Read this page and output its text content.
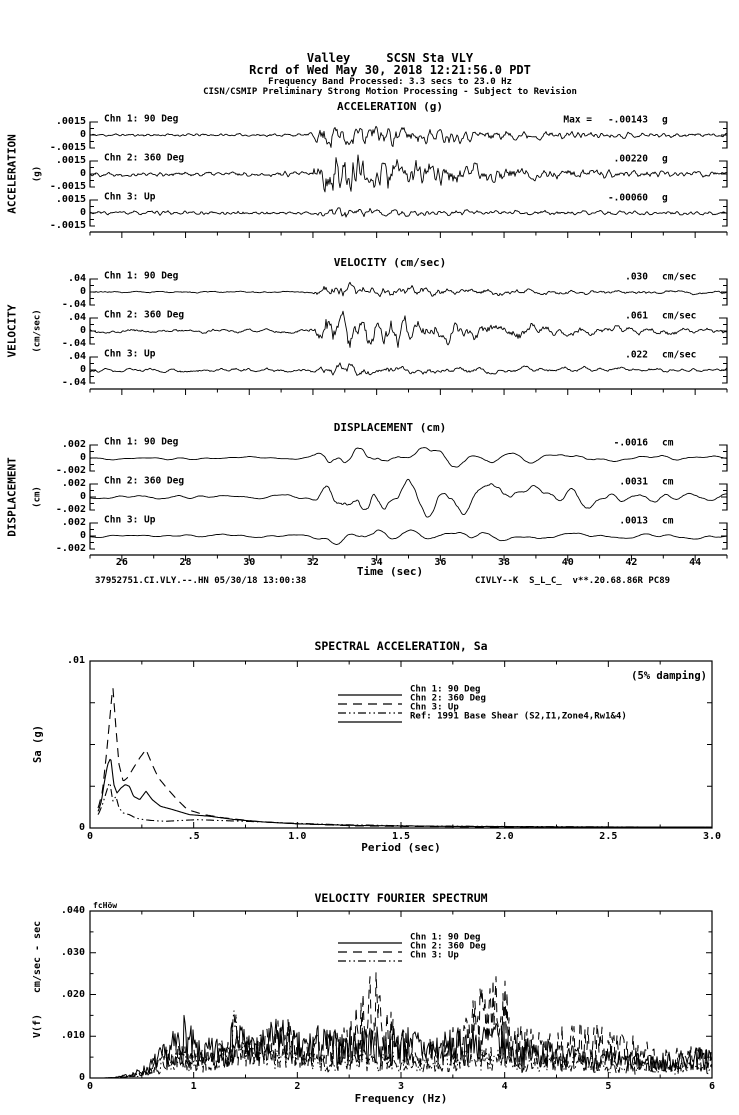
Valley     SCSN Sta VLY
Rcrd of Wed May 30, 2018 12:21:56.0 PDT
Frequency Band Processed: 3.3 secs to 23.0 Hz
CISN/CSMIP Preliminary Strong Motion Processing - Subject to Revision
ACCELERATION (g)
VELOCITY (cm/sec)
DISPLACEMENT (cm)
ACCELERATION (g)
VELOCITY (cm/sec)
DISPLACEMENT (cm)
Time (sec)
37952751.CI.VLY.--.HN 05/30/18 13:00:38	CIVLY--K  S_L_C_  v**.20.68.86R PC89
SPECTRAL ACCELERATION, Sa
(5% damping)
Sa (g)
Period (sec)
Chn 1: 90 Deg
Chn 2: 360 Deg
Chn 3: Up
Ref: 1991 Base Shear (S2,I1,Zone4,Rw1&4)
VELOCITY FOURIER SPECTRUM
fcHöw
cm/sec - sec
V(f)
Frequency (Hz)
Chn 1: 90 Deg
Chn 2: 360 Deg
Chn 3: Up
.0015
0
-.0015
Chn 1: 90 Deg	Max = -.00143 g
.0015
0
-.0015
Chn 2: 360 Deg	.00220 g
.0015
0
-.0015
Chn 3: Up	-.00060 g
.04
0
-.04
Chn 1: 90 Deg	.030 cm/sec
.04
0
-.04
Chn 2: 360 Deg	.061 cm/sec
.04
0
-.04
Chn 3: Up	.022 cm/sec
.002
0
-.002
Chn 1: 90 Deg	-.0016 cm
.002
0
-.002
Chn 2: 360 Deg	.0031 cm
.002
0
-.002
Chn 3: Up	.0013 cm
26	28	30	32	34	36	38	40	42	44
.01
0
0	.5	1.0	1.5	2.0	2.5	3.0
.040
.030
.020
.010
0
0	1	2	3	4	5	6
